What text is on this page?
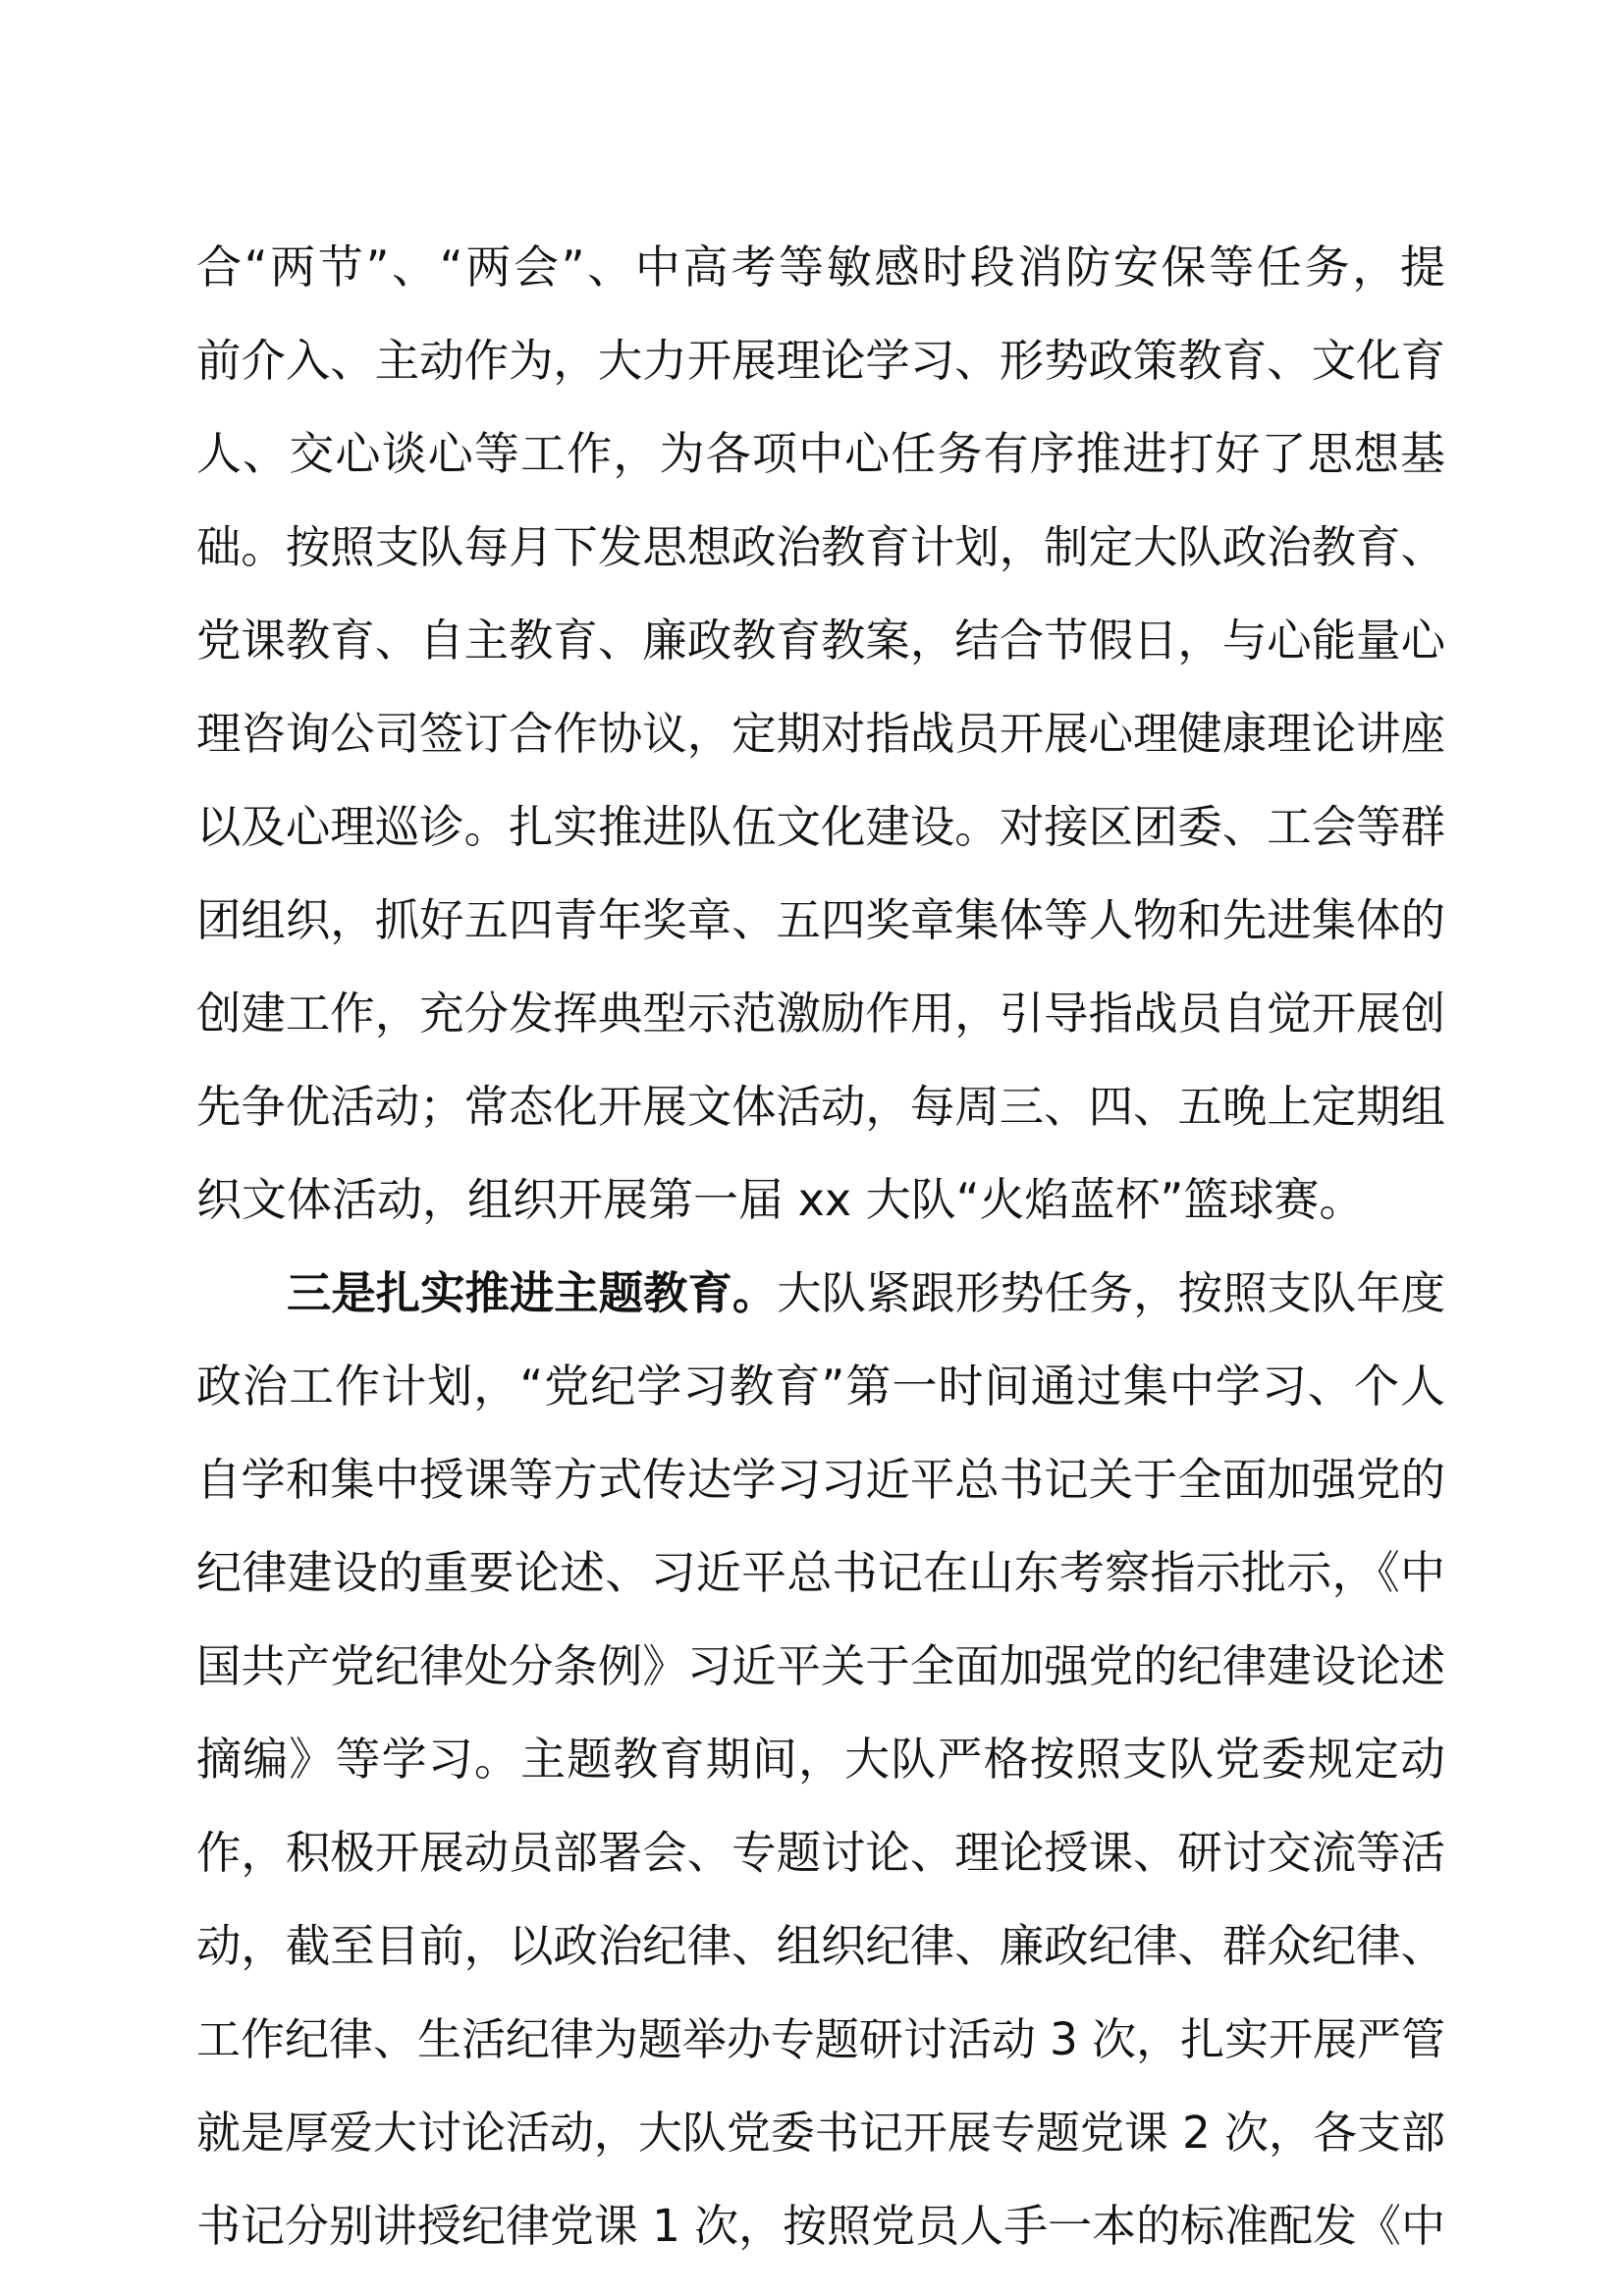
合“两节”、“两会”、中高考等敏感时段消防安保等任务，提
前介入、主动作为，大力开展理论学习、形势政策教育、文化育
人、交心谈心等工作，为各项中心任务有序推进打好了思想基
础。按照支队每月下发思想政治教育计划，制定大队政治教育、
党课教育、自主教育、廉政教育教案，结合节假日，与心能量心
理咨询公司签订合作协议，定期对指战员开展心理健康理论讲座
以及心理巡诊。扎实推进队伍文化建设。对接区团委、工会等群
团组织，抓好五四青年奖章、五四奖章集体等人物和先进集体的
创建工作，充分发挥典型示范激励作用，引导指战员自觉开展创
先争优活动；常态化开展文体活动，每周三、四、五晚上定期组
织文体活动，组织开展第一届 xx 大队“火焰蓝杯”篮球赛。
三是扎实推进主题教育。大队紧跟形势任务，按照支队年度
政治工作计划，“党纪学习教育”第一时间通过集中学习、个人
自学和集中授课等方式传达学习习近平总书记关于全面加强党的
纪律建设的重要论述、习近平总书记在山东考察指示批示，《中
国共产党纪律处分条例》习近平关于全面加强党的纪律建设论述
摘编》等学习。主题教育期间，大队严格按照支队党委规定动
作，积极开展动员部署会、专题讨论、理论授课、研讨交流等活
动，截至目前，以政治纪律、组织纪律、廉政纪律、群众纪律、
工作纪律、生活纪律为题举办专题研讨活动 3 次，扎实开展严管
就是厚爱大讨论活动，大队党委书记开展专题党课 2 次，各支部
书记分别讲授纪律党课 1 次，按照党员人手一本的标准配发《中
